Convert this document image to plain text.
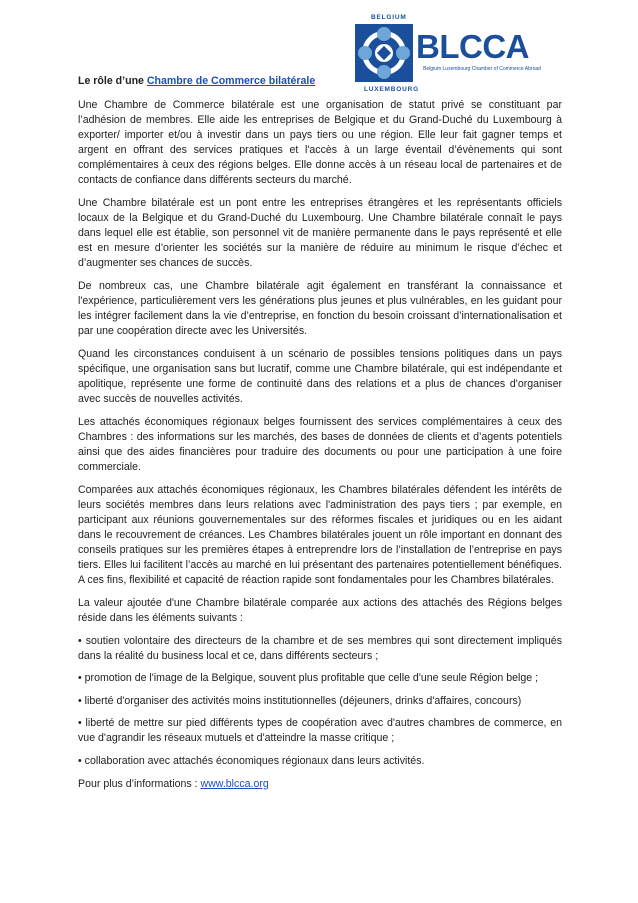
BELGIUM
BLCCA
Belgium Luxembourg Chamber of Commerce Abroad
LUXEMBOURG
Le rôle d’une Chambre de Commerce bilatérale

Une Chambre de Commerce bilatérale est une organisation de statut privé se constituant par l’adhésion de membres. Elle aide les entreprises de Belgique et du Grand-Duché du Luxembourg à exporter/ importer et/ou à investir dans un pays tiers ou une région. Elle leur fait gagner temps et argent en offrant des services pratiques et l'accès à un large éventail d’évènements qui sont complémentaires à ceux des régions belges. Elle donne accès à un réseau local de partenaires et de contacts de confiance dans différents secteurs du marché.

Une Chambre bilatérale est un pont entre les entreprises étrangères et les représentants officiels locaux de la Belgique et du Grand-Duché du Luxembourg. Une Chambre bilatérale connaît le pays dans lequel elle est établie, son personnel vit de manière permanente dans le pays représenté et elle est en mesure d’orienter les sociétés sur la manière de réduire au minimum le risque d’échec et d’augmenter ses chances de succès.

De nombreux cas, une Chambre bilatérale agit également en transférant la connaissance et l'expérience, particulièrement vers les générations plus jeunes et plus vulnérables, en les guidant pour les intégrer facilement dans la vie d’entreprise, en fonction du besoin croissant d’internationalisation et par une coopération directe avec les Universités.

Quand les circonstances conduisent à un scénario de possibles tensions politiques dans un pays spécifique, une organisation sans but lucratif, comme une Chambre bilatérale, qui est indépendante et apolitique, représente une forme de continuité dans des relations et a plus de chances d'organiser avec succès de nouvelles activités.

Les attachés économiques régionaux belges fournissent des services complémentaires à ceux des Chambres : des informations sur les marchés, des bases de données de clients et d’agents potentiels ainsi que des aides financières pour traduire des documents ou pour une participation à une foire commerciale.

Comparées aux attachés économiques régionaux, les Chambres bilatérales défendent les intérêts de leurs sociétés membres dans leurs relations avec l'administration des pays tiers ; par exemple, en participant aux réunions gouvernementales sur des réformes fiscales et juridiques ou en les aidant dans le recouvrement de créances. Les Chambres bilatérales jouent un rôle important en donnant des conseils pratiques sur les premières étapes à entreprendre lors de l’installation de l’entreprise en pays tiers. Elles lui facilitent l’accès au marché en lui présentant des partenaires potentiellement bénéfiques. A ces fins, flexibilité et capacité de réaction rapide sont fondamentales pour les Chambres bilatérales.

La valeur ajoutée d'une Chambre bilatérale comparée aux actions des attachés des Régions belges réside dans les éléments suivants :

• soutien volontaire des directeurs de la chambre et de ses membres qui sont directement impliqués dans la réalité du business local et ce, dans différents secteurs ;

• promotion de l'image de la Belgique, souvent plus profitable que celle d'une seule Région belge ;

• liberté d'organiser des activités moins institutionnelles (déjeuners, drinks d'affaires, concours)

• liberté de mettre sur pied différents types de coopération avec d'autres chambres de commerce, en vue d'agrandir les réseaux mutuels et d'atteindre la masse critique ;

• collaboration avec attachés économiques régionaux dans leurs activités.

Pour plus d’informations : www.blcca.org
